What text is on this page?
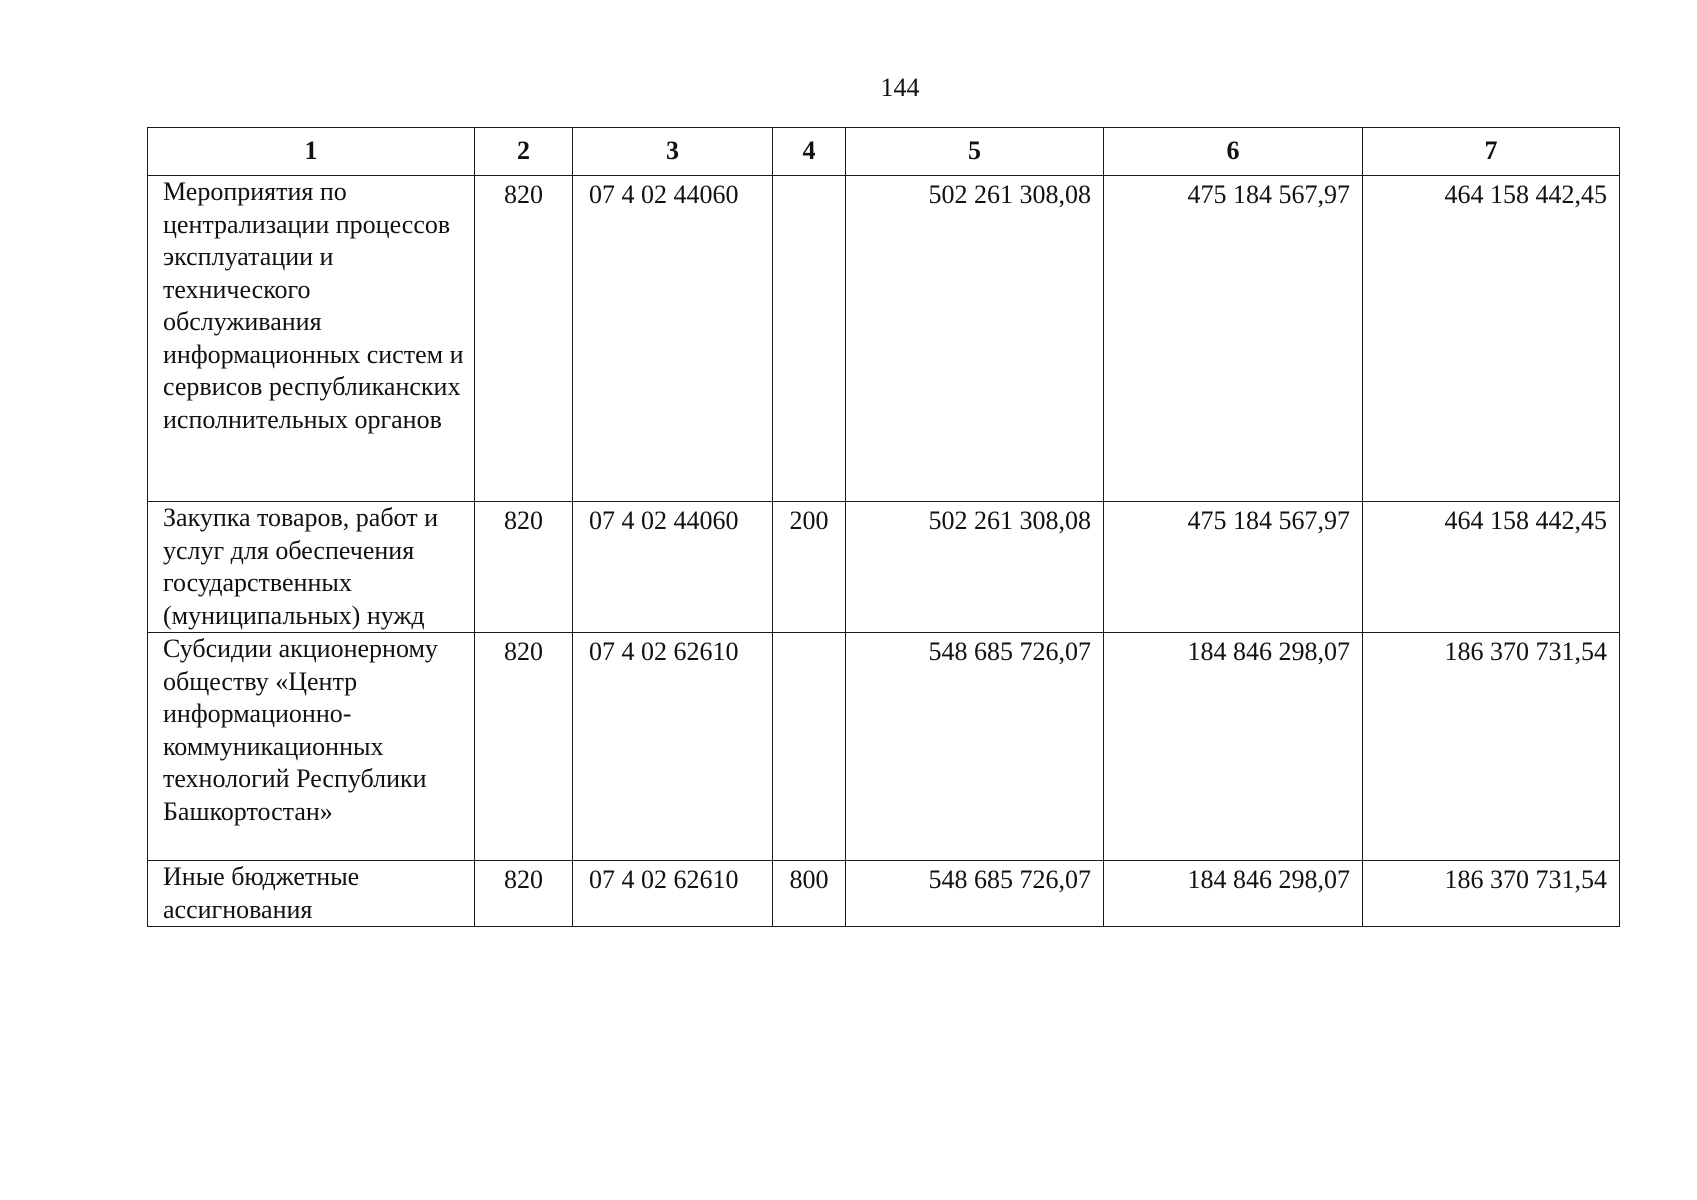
144
1	2	3	4	5	6	7
Мероприятия по централизации процессов эксплуатации и технического обслуживания информационных систем и сервисов республиканских исполнительных органов	820	07 4 02 44060		502 261 308,08	475 184 567,97	464 158 442,45
Закупка товаров, работ и услуг для обеспечения государственных (муниципальных) нужд	820	07 4 02 44060	200	502 261 308,08	475 184 567,97	464 158 442,45
Субсидии акционерному обществу «Центр информационно-коммуникационных технологий Республики Башкортостан»	820	07 4 02 62610		548 685 726,07	184 846 298,07	186 370 731,54
Иные бюджетные ассигнования	820	07 4 02 62610	800	548 685 726,07	184 846 298,07	186 370 731,54
